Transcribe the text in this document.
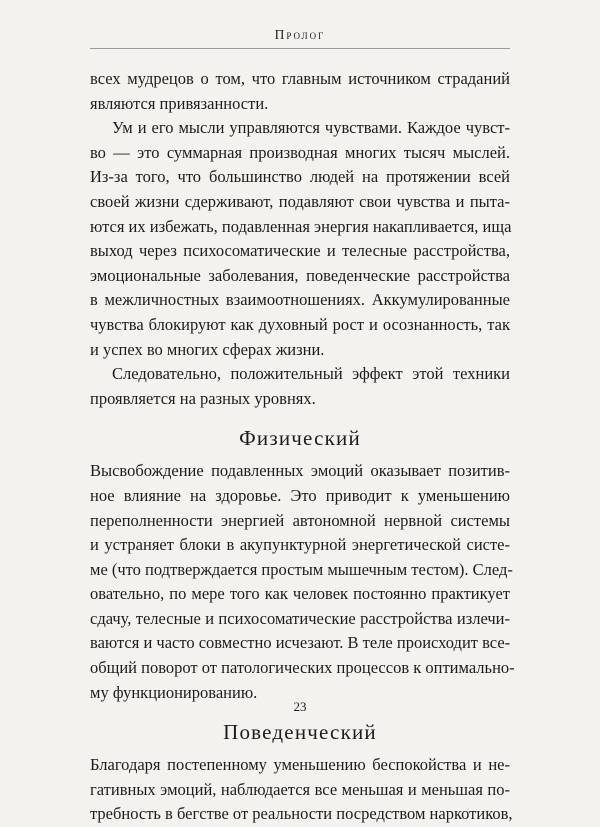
Пролог

всех мудрецов о том, что главным источником страданий
являются привязанности.

Ум и его мысли управляются чувствами. Каждое чувст-
во — это суммарная производная многих тысяч мыслей.
Из-за того, что большинство людей на протяжении всей
своей жизни сдерживают, подавляют свои чувства и пыта-
ются их избежать, подавленная энергия накапливается, ища
выход через психосоматические и телесные расстройства,
эмоциональные заболевания, поведенческие расстройства
в межличностных взаимоотношениях. Аккумулированные
чувства блокируют как духовный рост и осознанность, так
и успех во многих сферах жизни.

Следовательно, положительный эффект этой техники
проявляется на разных уровнях.

Физический

Высвобождение подавленных эмоций оказывает позитив-
ное влияние на здоровье. Это приводит к уменьшению
переполненности энергией автономной нервной системы
и устраняет блоки в акупунктурной энергетической систе-
ме (что подтверждается простым мышечным тестом). След-
овательно, по мере того как человек постоянно практикует
сдачу, телесные и психосоматические расстройства излечи-
ваются и часто совместно исчезают. В теле происходит все-
общий поворот от патологических процессов к оптимально-
му функционированию.

Поведенческий

Благодаря постепенному уменьшению беспокойства и не-
гативных эмоций, наблюдается все меньшая и меньшая по-
требность в бегстве от реальности посредством наркотиков,

23
